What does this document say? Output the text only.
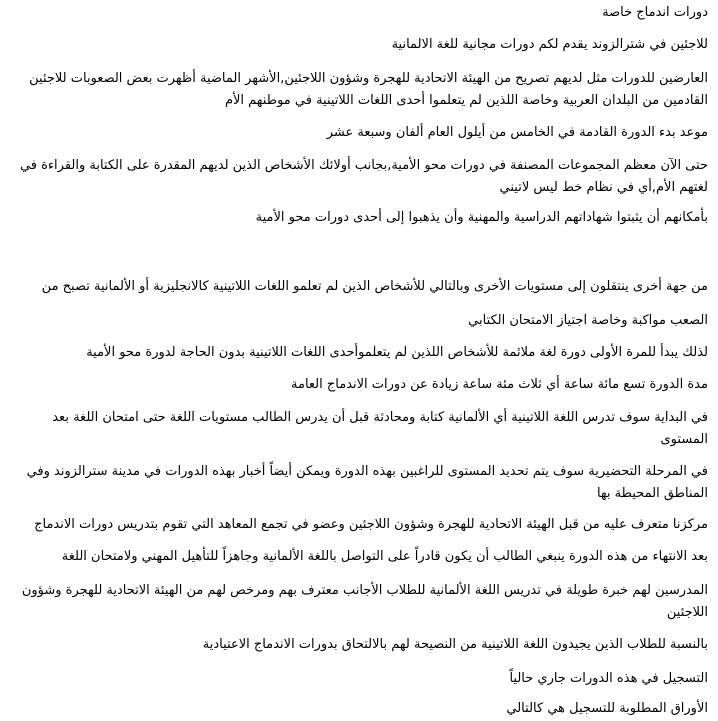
دورات اندماج خاصة
للاجئين في شترالزوند يقدم لكم دورات مجانية للغة الالمانية
العارضين للدورات مثل لديهم تصريح من الهيئة الاتحادية للهجرة وشؤون اللاجئين,الأشهر الماضية أظهرت بعض الصعوبات للاجئين القادمين من البلدان العربية وخاصة اللذين لم يتعلموا أحدى اللغات اللاتينية في موطنهم الأم
موعد بدء الدورة القادمة في الخامس من أيلول العام ألفان وسبعة عشر
حتى الآن معظم المجموعات المصنفة في دورات محو الأمية,بجانب أولائك الأشخاص الذين لديهم المقدرة على الكتابة والقراءة في لغتهم الأم,أي في نظام خط ليس لاتيني
بأمكانهم أن يثبتوا شهاداتهم الدراسية والمهنية وأن يذهبوا إلى أحدى دورات محو الأمية
من جهة أخرى ينتقلون إلى مستويات الأخرى وبالتالي للأشخاص الذين لم تعلمو اللغات اللاتينية كالانجليزية أو الألمانية تصبح من
الصعب مواكبة وخاصة اجتياز الامتحان الكتابي
لذلك يبدأ للمرة الأولى دورة لغة ملائمة للأشخاص اللذين لم يتعلموأحدى اللغات اللاتينية بدون الحاجة لدورة محو الأمية
مدة الدورة تسع مائة ساعة أي ثلاث مئة ساعة زيادة عن دورات الاندماج العامة
في البداية سوف تدرس اللغة اللاتينية أي الألمانية كتابة ومحادثة قبل أن يدرس الطالب مستويات اللغة حتى امتحان اللغة بعد المستوى
في المرحلة التحضيرية سوف يتم تحديد المستوى للراغبين بهذه الدورة ويمكن أيضاً أخبار بهذه الدورات في مدينة سترالزوند وفي المناطق المحيطة بها
مركزنا متعرف عليه من قبل الهيئة الاتحادية للهجرة وشؤون اللاجئين وعضو في تجمع المعاهد التي تقوم بتدريس دورات الاندماج
بعد الانتهاء من هذه الدورة ينبغي الطالب أن يكون قادراً على التواصل باللغة الألمانية وجاهزاً للتأهيل المهني ولامتحان اللغة
المدرسين لهم خبرة طويلة في تدريس اللغة الألمانية للطلاب الأجانب معترف بهم ومرخص لهم من الهيئة الاتحادية للهجرة وشؤون اللاجئين
بالنسبة للطلاب الذين يجيدون اللغة اللاتينية من النصيحة لهم بالالتحاق بدورات الاندماج الاعتيادية
التسجيل في هذه الدورات جاري حالياً
الأوراق المطلوبة للتسجيل هي كالتالي
